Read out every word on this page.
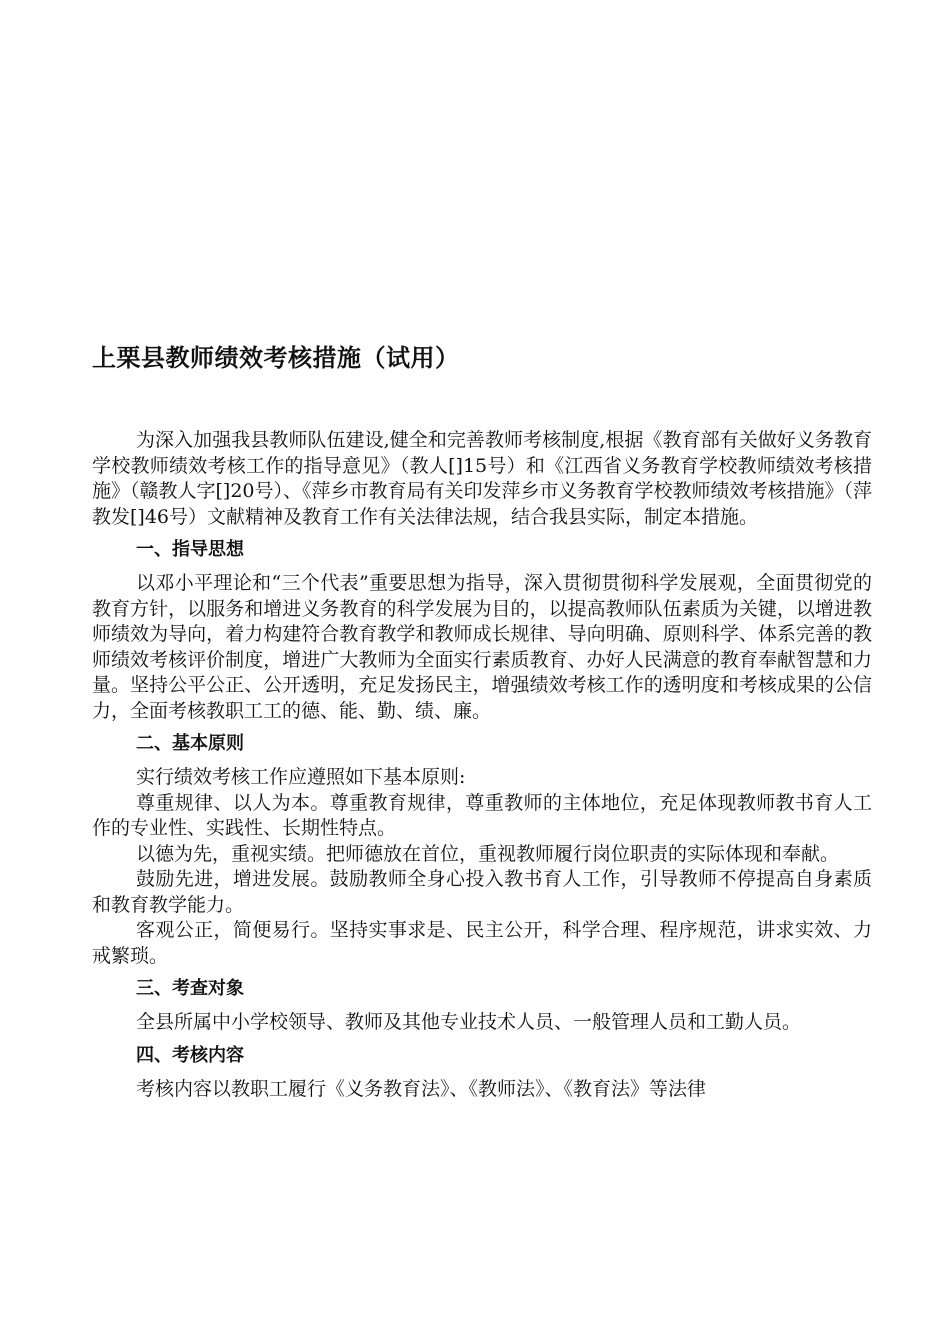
上栗县教师绩效考核措施（试用）

为深入加强我县教师队伍建设,健全和完善教师考核制度,根据《教育部有关做好义务教育学校教师绩效考核工作的指导意见》（教人[]15号）和《江西省义务教育学校教师绩效考核措施》（赣教人字[]20号）、《萍乡市教育局有关印发萍乡市义务教育学校教师绩效考核措施》（萍教发[]46号）文献精神及教育工作有关法律法规，结合我县实际，制定本措施。

一、指导思想

以邓小平理论和“三个代表”重要思想为指导，深入贯彻贯彻科学发展观，全面贯彻党的教育方针，以服务和增进义务教育的科学发展为目的，以提高教师队伍素质为关键，以增进教师绩效为导向，着力构建符合教育教学和教师成长规律、导向明确、原则科学、体系完善的教师绩效考核评价制度，增进广大教师为全面实行素质教育、办好人民满意的教育奉献智慧和力量。坚持公平公正、公开透明，充足发扬民主，增强绩效考核工作的透明度和考核成果的公信力，全面考核教职工工的德、能、勤、绩、廉。

二、基本原则

实行绩效考核工作应遵照如下基本原则:

尊重规律、以人为本。尊重教育规律，尊重教师的主体地位，充足体现教师教书育人工作的专业性、实践性、长期性特点。

以德为先，重视实绩。把师德放在首位，重视教师履行岗位职责的实际体现和奉献。

鼓励先进，增进发展。鼓励教师全身心投入教书育人工作，引导教师不停提高自身素质和教育教学能力。

客观公正，简便易行。坚持实事求是、民主公开，科学合理、程序规范，讲求实效、力戒繁琐。

三、考查对象

全县所属中小学校领导、教师及其他专业技术人员、一般管理人员和工勤人员。

四、考核内容

考核内容以教职工履行《义务教育法》、《教师法》、《教育法》等法律
